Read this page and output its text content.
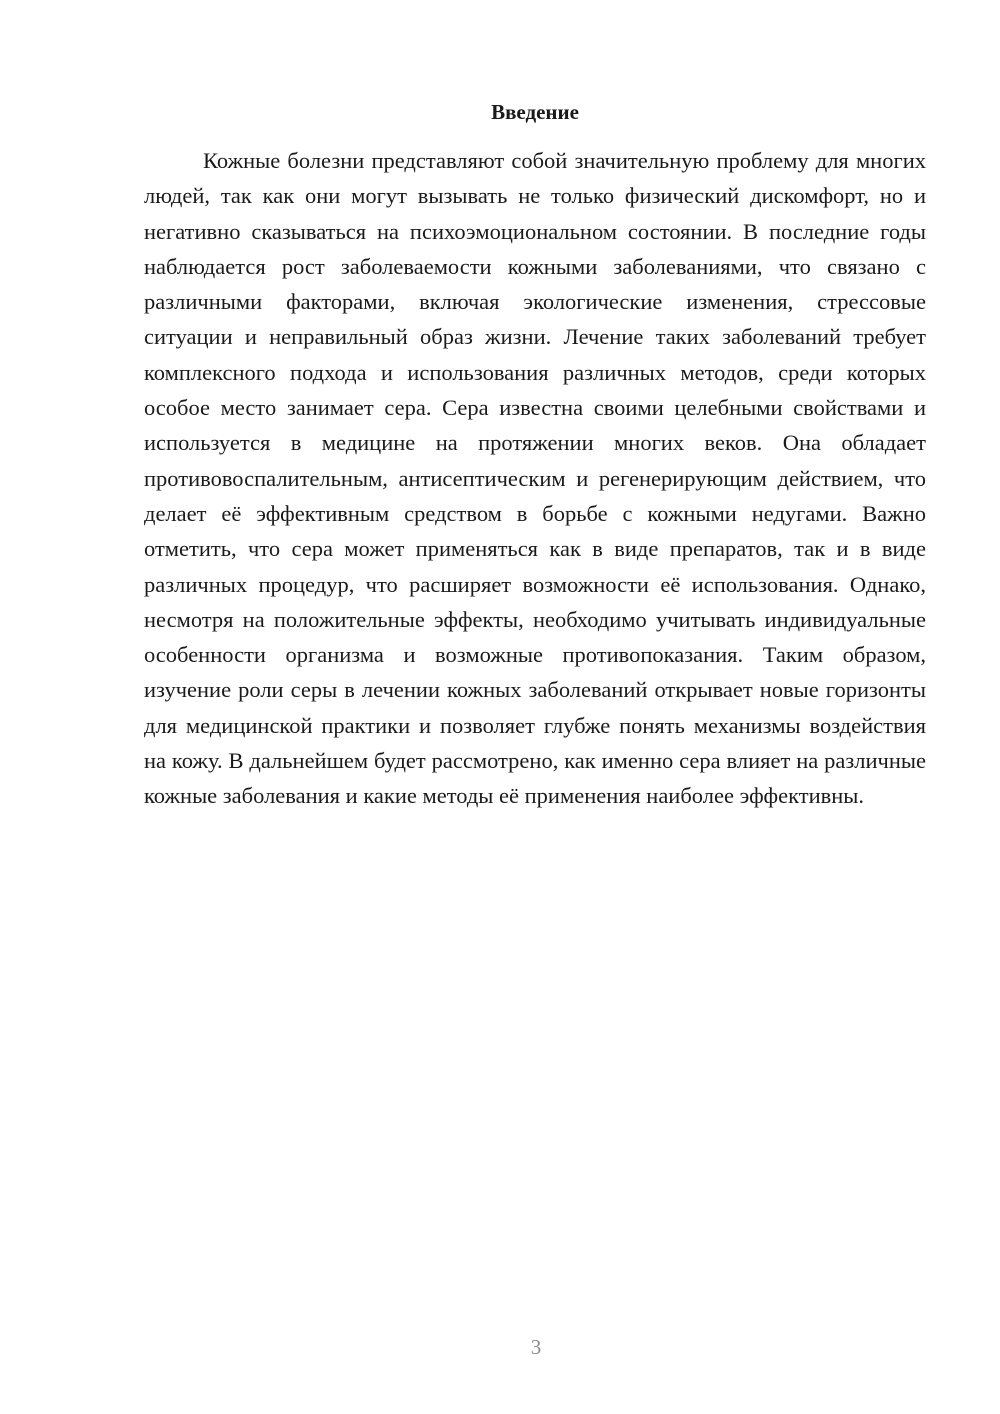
Введение

Кожные болезни представляют собой значительную проблему для многих людей, так как они могут вызывать не только физический дискомфорт, но и негативно сказываться на психоэмоциональном состоянии. В последние годы наблюдается рост заболеваемости кожными заболеваниями, что связано с различными факторами, включая экологические изменения, стрессовые ситуации и неправильный образ жизни. Лечение таких заболеваний требует комплексного подхода и использования различных методов, среди которых особое место занимает сера. Сера известна своими целебными свойствами и используется в медицине на протяжении многих веков. Она обладает противовоспалительным, антисептическим и регенерирующим действием, что делает её эффективным средством в борьбе с кожными недугами. Важно отметить, что сера может применяться как в виде препаратов, так и в виде различных процедур, что расширяет возможности её использования. Однако, несмотря на положительные эффекты, необходимо учитывать индивидуальные особенности организма и возможные противопоказания. Таким образом, изучение роли серы в лечении кожных заболеваний открывает новые горизонты для медицинской практики и позволяет глубже понять механизмы воздействия на кожу. В дальнейшем будет рассмотрено, как именно сера влияет на различные кожные заболевания и какие методы её применения наиболее эффективны.

3
